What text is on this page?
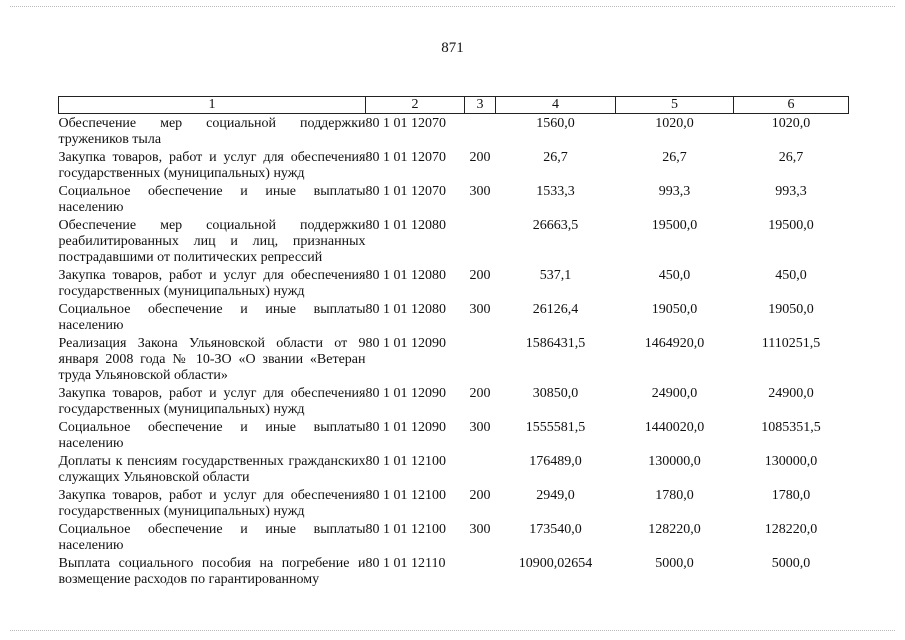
871
1	2	3	4	5	6
Обеспечение мер социальной поддержки тружеников тыла	80 1 01 12070		1560,0	1020,0	1020,0
Закупка товаров, работ и услуг для обеспечения государственных (муниципальных) нужд	80 1 01 12070	200	26,7	26,7	26,7
Социальное обеспечение и иные выплаты населению	80 1 01 12070	300	1533,3	993,3	993,3
Обеспечение мер социальной поддержки реабилитированных лиц и лиц, признанных пострадавшими от политических репрессий	80 1 01 12080		26663,5	19500,0	19500,0
Закупка товаров, работ и услуг для обеспечения государственных (муниципальных) нужд	80 1 01 12080	200	537,1	450,0	450,0
Социальное обеспечение и иные выплаты населению	80 1 01 12080	300	26126,4	19050,0	19050,0
Реализация Закона Ульяновской области от 9 января 2008 года № 10-ЗО «О звании «Ветеран труда Ульяновской области»	80 1 01 12090		1586431,5	1464920,0	1110251,5
Закупка товаров, работ и услуг для обеспечения государственных (муниципальных) нужд	80 1 01 12090	200	30850,0	24900,0	24900,0
Социальное обеспечение и иные выплаты населению	80 1 01 12090	300	1555581,5	1440020,0	1085351,5
Доплаты к пенсиям государственных гражданских служащих Ульяновской области	80 1 01 12100		176489,0	130000,0	130000,0
Закупка товаров, работ и услуг для обеспечения государственных (муниципальных) нужд	80 1 01 12100	200	2949,0	1780,0	1780,0
Социальное обеспечение и иные выплаты населению	80 1 01 12100	300	173540,0	128220,0	128220,0
Выплата социального пособия на погребение и возмещение расходов по гарантированному	80 1 01 12110		10900,02654	5000,0	5000,0
